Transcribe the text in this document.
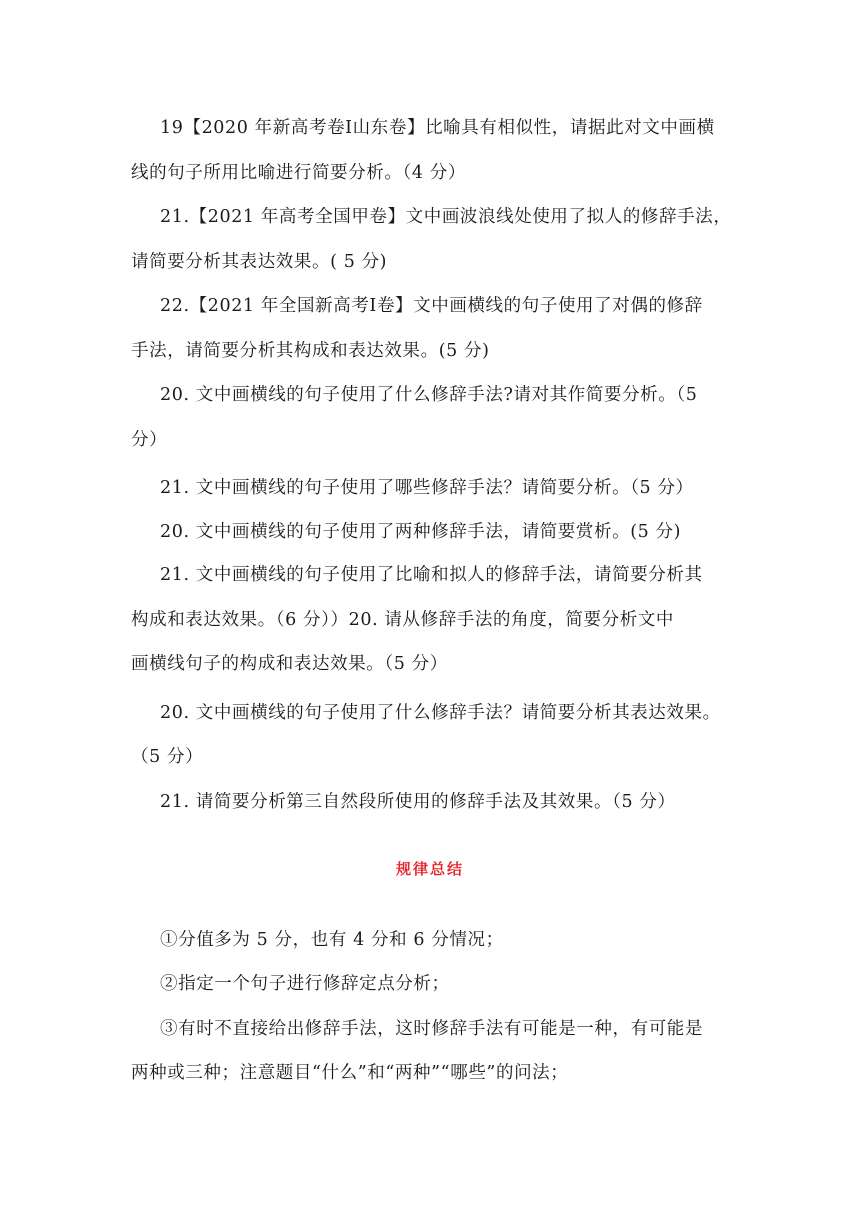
19【2020 年新高考卷Ⅰ山东卷】比喻具有相似性，请据此对文中画横
线的句子所用比喻进行简要分析。（4 分）
21.【2021 年高考全国甲卷】文中画波浪线处使用了拟人的修辞手法，
请简要分析其表达效果。( 5 分)
22.【2021 年全国新高考Ⅰ卷】文中画横线的句子使用了对偶的修辞
手法，请简要分析其构成和表达效果。(5 分)
20. 文中画横线的句子使用了什么修辞手法?请对其作简要分析。（5
分）
21. 文中画横线的句子使用了哪些修辞手法？请简要分析。（5 分）
20. 文中画横线的句子使用了两种修辞手法，请简要赏析。(5 分)
21. 文中画横线的句子使用了比喻和拟人的修辞手法，请简要分析其
构成和表达效果。（6 分））20. 请从修辞手法的角度，简要分析文中
画横线句子的构成和表达效果。（5 分）
20. 文中画横线的句子使用了什么修辞手法？请简要分析其表达效果。
（5 分）
21. 请简要分析第三自然段所使用的修辞手法及其效果。（5 分）
规律总结
①分值多为 5 分，也有 4 分和 6 分情况；
②指定一个句子进行修辞定点分析；
③有时不直接给出修辞手法，这时修辞手法有可能是一种，有可能是
两种或三种；注意题目“什么”和“两种”“哪些”的问法；
